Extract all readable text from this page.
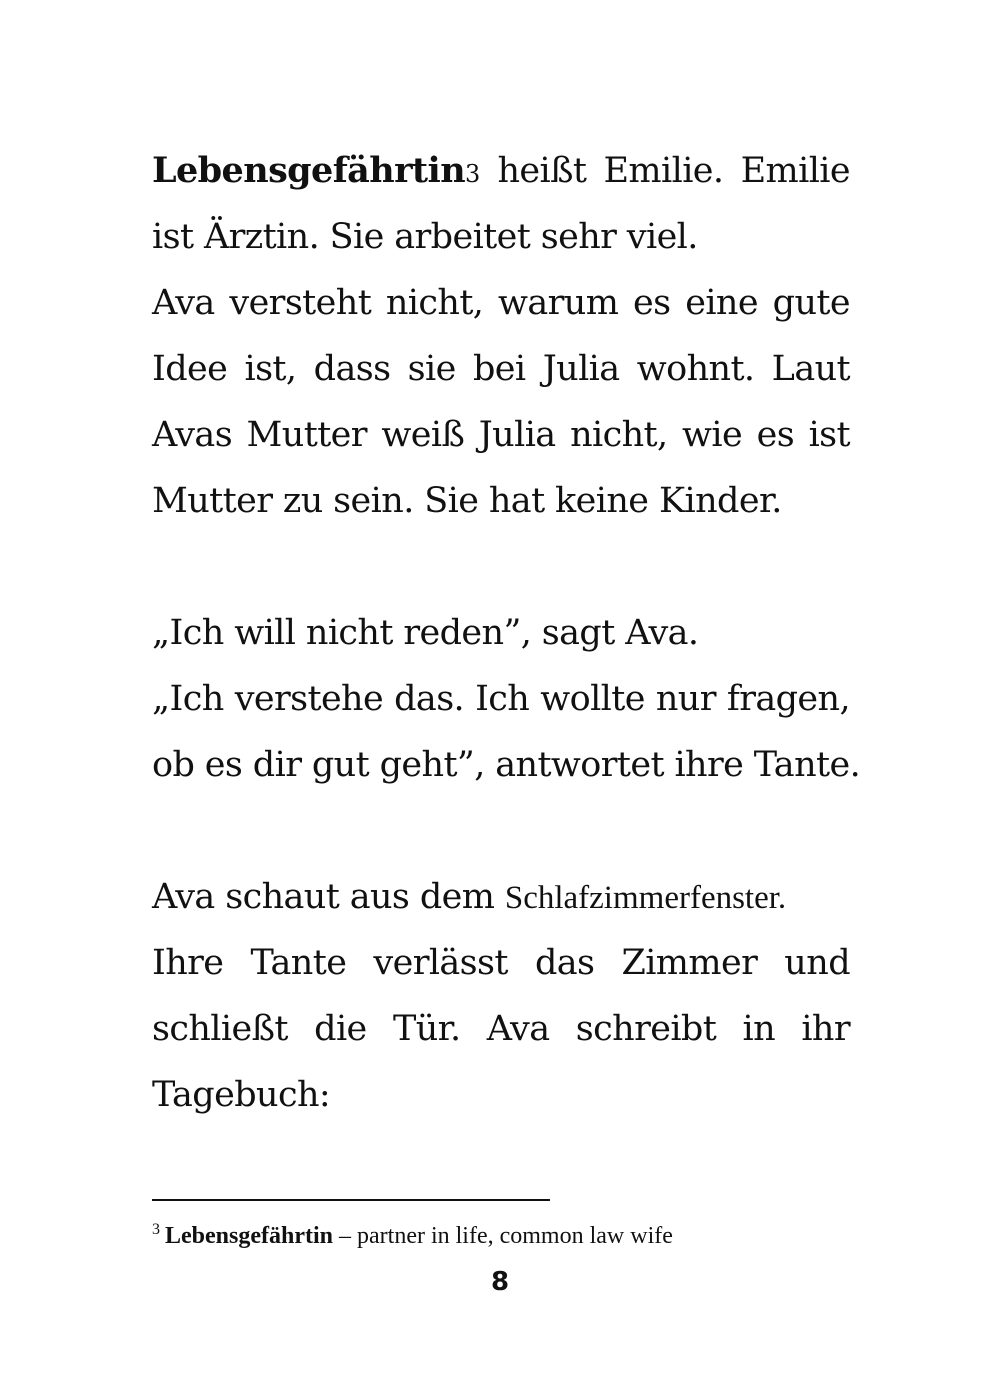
Lebensgefährtin3 heißt Emilie. Emilie
ist Ärztin. Sie arbeitet sehr viel.
Ava versteht nicht, warum es eine gute
Idee ist, dass sie bei Julia wohnt. Laut
Avas Mutter weiß Julia nicht, wie es ist
Mutter zu sein. Sie hat keine Kinder.
„Ich will nicht reden”, sagt Ava.
„Ich verstehe das. Ich wollte nur fragen,
ob es dir gut geht”, antwortet ihre Tante.
Ava schaut aus dem Schlafzimmerfenster.
Ihre Tante verlässt das Zimmer und
schließt die Tür. Ava schreibt in ihr
Tagebuch:
$^3$ Lebensgefährtin – partner in life, common law wife
8
